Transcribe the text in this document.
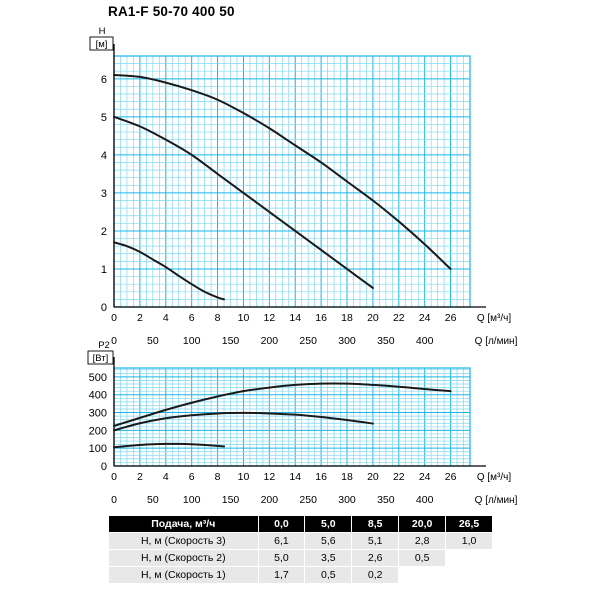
RA1-F 50-70 400 50
0
1
2
3
4
5
6
H
[м]
0 2 4 6 8 10 12 14 16 18 20 22 24 26 Q [м³/ч]
0	50 100 150 200 250 300 350 400	Q [л/мин]
0
100
200
300
400
500
P2
[Вт]
0 2 4 6 8 10 12 14 16 18 20 22 24 26 Q [м³/ч]
0	50 100 150 200 250 300 350 400	Q [л/мин]
Подача, м³/ч	0,0	5,0	8,5	20,0	26,5
H, м (Скорость 3)	6,1	5,6	5,1	2,8	1,0
H, м (Скорость 2)	5,0	3,5	2,6	0,5	
H, м (Скорость 1)	1,7	0,5	0,2		
